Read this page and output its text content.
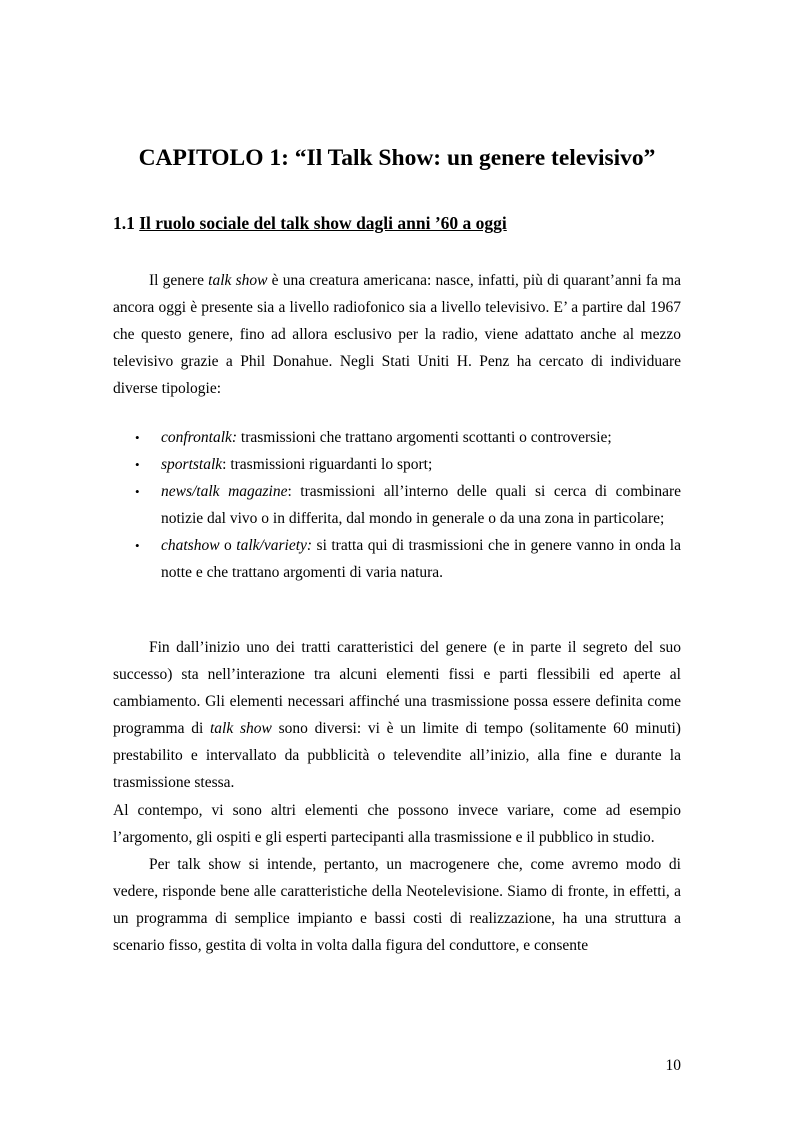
CAPITOLO 1: “Il Talk Show: un genere televisivo”
1.1 Il ruolo sociale del talk show dagli anni ’60 a oggi

Il genere talk show è una creatura americana: nasce, infatti, più di quarant’anni fa ma ancora oggi è presente sia a livello radiofonico sia a livello televisivo. E’ a partire dal 1967 che questo genere, fino ad allora esclusivo per la radio, viene adattato anche al mezzo televisivo grazie a Phil Donahue. Negli Stati Uniti H. Penz ha cercato di individuare diverse tipologie:

• confrontalk: trasmissioni che trattano argomenti scottanti o controversie;
• sportstalk: trasmissioni riguardanti lo sport;
• news/talk magazine: trasmissioni all’interno delle quali si cerca di combinare notizie dal vivo o in differita, dal mondo in generale o da una zona in particolare;
• chatshow o talk/variety: si tratta qui di trasmissioni che in genere vanno in onda la notte e che trattano argomenti di varia natura.
Fin dall’inizio uno dei tratti caratteristici del genere (e in parte il segreto del suo successo) sta nell’interazione tra alcuni elementi fissi e parti flessibili ed aperte al cambiamento. Gli elementi necessari affinché una trasmissione possa essere definita come programma di talk show sono diversi: vi è un limite di tempo (solitamente 60 minuti) prestabilito e intervallato da pubblicità o televendite all’inizio, alla fine e durante la trasmissione stessa.
Al contempo, vi sono altri elementi che possono invece variare, come ad esempio l’argomento, gli ospiti e gli esperti partecipanti alla trasmissione e il pubblico in studio.
Per talk show si intende, pertanto, un macrogenere che, come avremo modo di vedere, risponde bene alle caratteristiche della Neotelevisione. Siamo di fronte, in effetti, a un programma di semplice impianto e bassi costi di realizzazione, ha una struttura a scenario fisso, gestita di volta in volta dalla figura del conduttore, e consente
10
